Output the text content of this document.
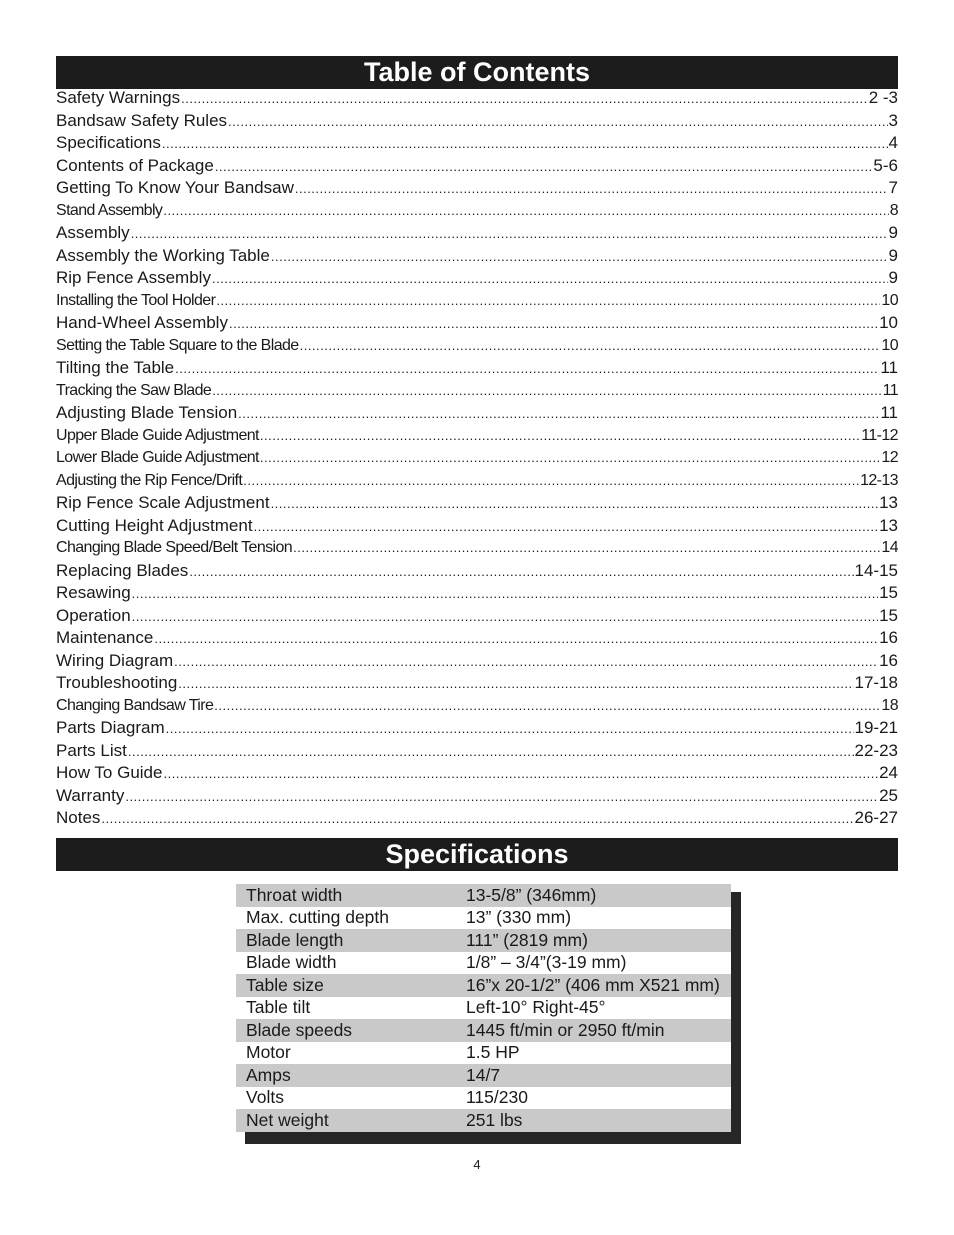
Table of Contents
Safety Warnings .....	2 -3
Bandsaw Safety Rules .....	3
Specifications .....	4
Contents of Package .....	5-6
Getting To Know Your Bandsaw .....	7
Stand Assembly .....	8
Assembly .....	9
Assembly the Working Table .....	9
Rip Fence Assembly .....	9
Installing the Tool Holder .....	10
Hand-Wheel Assembly .....	10
Setting the Table Square to the Blade .....	10
Tilting the Table .....	11
Tracking the Saw Blade .....	11
Adjusting Blade Tension .....	11
Upper Blade Guide Adjustment .....	11-12
Lower Blade Guide Adjustment .....	12
Adjusting the Rip Fence/Drift .....	12-13
Rip Fence Scale Adjustment .....	13
Cutting Height Adjustment .....	13
Changing Blade Speed/Belt Tension .....	14
Replacing Blades .....	14-15
Resawing .....	15
Operation .....	15
Maintenance .....	16
Wiring Diagram .....	16
Troubleshooting .....	17-18
Changing Bandsaw Tire .....	18
Parts Diagram .....	19-21
Parts List .....	22-23
How To Guide .....	24
Warranty .....	25
Notes .....	26-27
Specifications
Throat width	13-5/8” (346mm)
Max. cutting depth	13” (330 mm)
Blade length	111” (2819 mm)
Blade width	1/8” – 3/4”(3-19 mm)
Table size	16”x 20-1/2” (406 mm X521 mm)
Table tilt	Left-10° Right-45°
Blade speeds	1445 ft/min or 2950 ft/min
Motor	1.5 HP
Amps	14/7
Volts	115/230
Net weight	251 lbs
4
